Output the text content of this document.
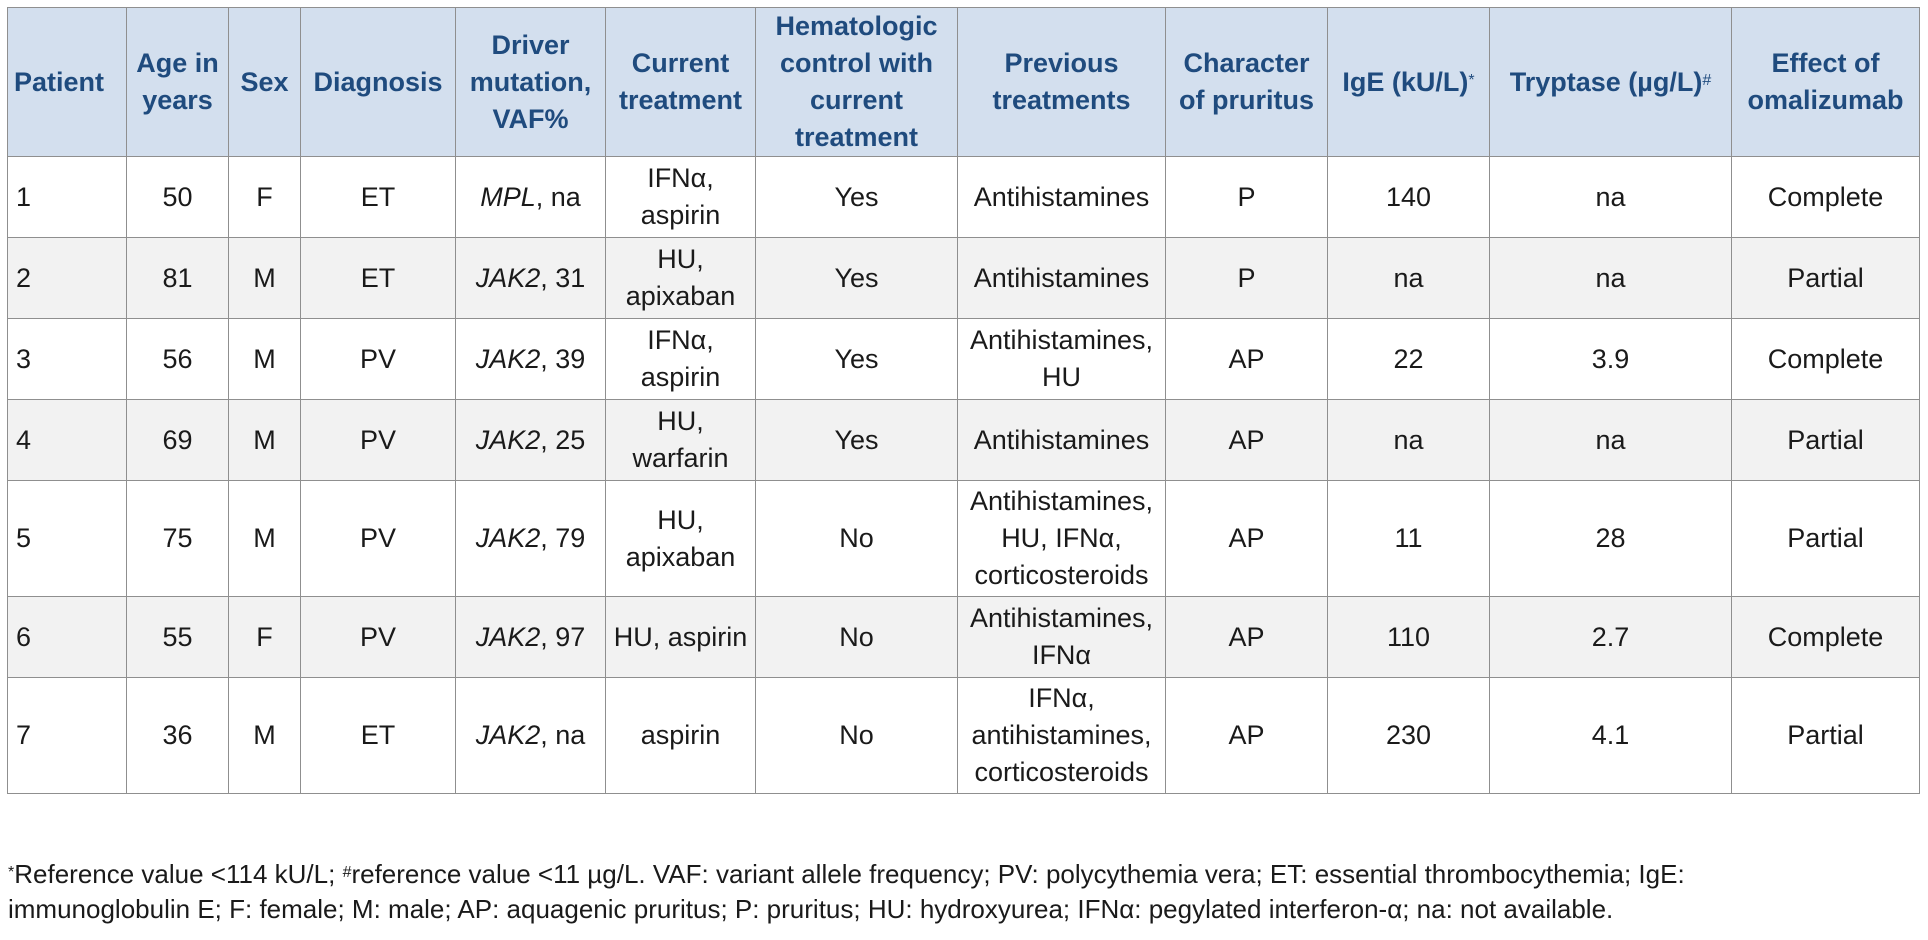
Patient	Age in years	Sex	Diagnosis	Driver mutation, VAF%	Current treatment	Hematologic control with current treatment	Previous treatments	Character of pruritus	IgE (kU/L)*	Tryptase (µg/L)#	Effect of omalizumab
1	50	F	ET	MPL, na	IFNα, aspirin	Yes	Antihistamines	P	140	na	Complete
2	81	M	ET	JAK2, 31	HU, apixaban	Yes	Antihistamines	P	na	na	Partial
3	56	M	PV	JAK2, 39	IFNα, aspirin	Yes	Antihistamines, HU	AP	22	3.9	Complete
4	69	M	PV	JAK2, 25	HU, warfarin	Yes	Antihistamines	AP	na	na	Partial
5	75	M	PV	JAK2, 79	HU, apixaban	No	Antihistamines, HU, IFNα, corticosteroids	AP	11	28	Partial
6	55	F	PV	JAK2, 97	HU, aspirin	No	Antihistamines, IFNα	AP	110	2.7	Complete
7	36	M	ET	JAK2, na	aspirin	No	IFNα, antihistamines, corticosteroids	AP	230	4.1	Partial

*Reference value <114 kU/L; #reference value <11 µg/L. VAF: variant allele frequency; PV: polycythemia vera; ET: essential thrombocythemia; IgE:

immunoglobulin E; F: female; M: male; AP: aquagenic pruritus; P: pruritus; HU: hydroxyurea; IFNα: pegylated interferon-α; na: not available.
